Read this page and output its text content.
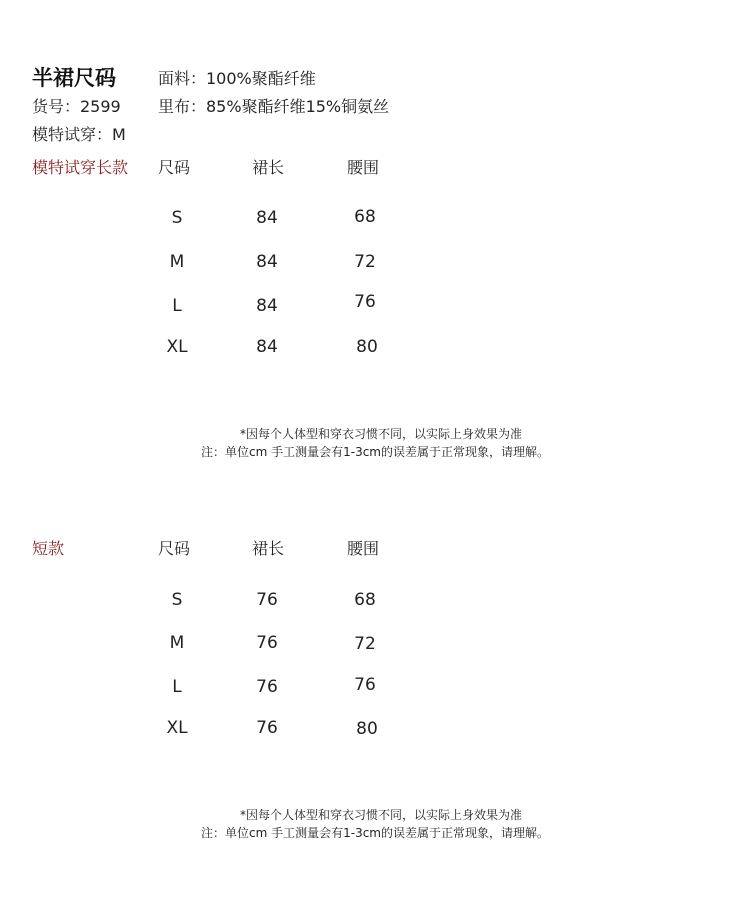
半裙尺码	面料：100%聚酯纤维
货号：2599 里布：85%聚酯纤维15%铜氨丝
模特试穿：M
模特试穿长款 尺码	裙长	腰围
S	84	68
M	84	72
L	84	76
XL	84	80
*因每个人体型和穿衣习惯不同，以实际上身效果为准
注：单位cm 手工测量会有1-3cm的误差属于正常现象，请理解。
短款	尺码	裙长	腰围
S	76	68
M	76	72
L	76	76
XL	76	80
*因每个人体型和穿衣习惯不同，以实际上身效果为准
注：单位cm 手工测量会有1-3cm的误差属于正常现象，请理解。
